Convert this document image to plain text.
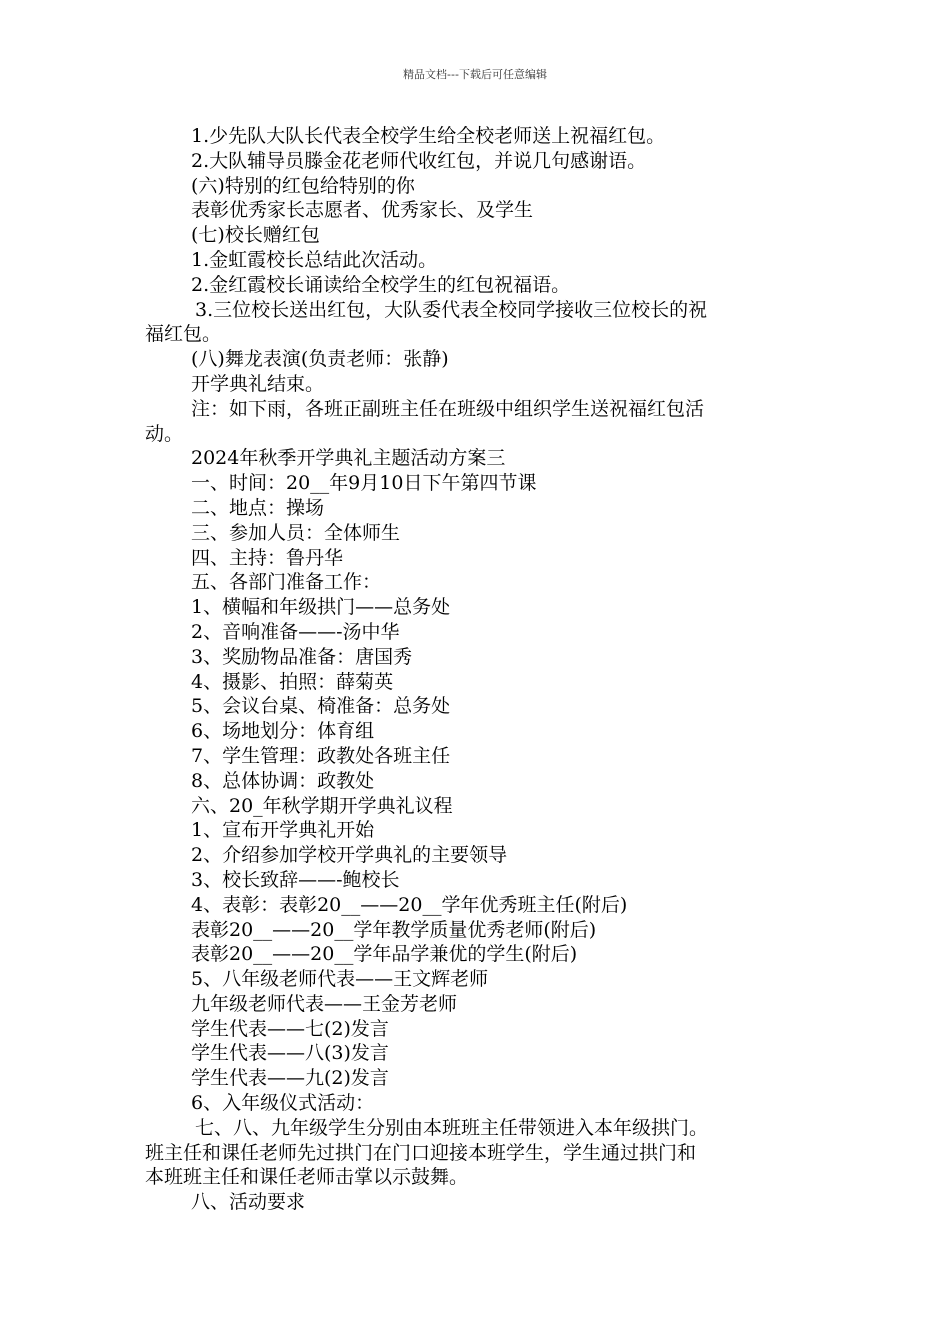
精品文档---下载后可任意编辑
1.少先队大队长代表全校学生给全校老师送上祝福红包。
2.大队辅导员滕金花老师代收红包，并说几句感谢语。
(六)特别的红包给特别的你
表彰优秀家长志愿者、优秀家长、及学生
(七)校长赠红包
1.金虹霞校长总结此次活动。
2.金红霞校长诵读给全校学生的红包祝福语。
3.三位校长送出红包，大队委代表全校同学接收三位校长的祝
福红包。
(八)舞龙表演(负责老师：张静)
开学典礼结束。
注：如下雨，各班正副班主任在班级中组织学生送祝福红包活
动。
2024年秋季开学典礼主题活动方案三
一、时间：20__年9月10日下午第四节课
二、地点：操场
三、参加人员：全体师生
四、主持：鲁丹华
五、各部门准备工作：
1、横幅和年级拱门——总务处
2、音响准备——-汤中华
3、奖励物品准备：唐国秀
4、摄影、拍照：薛菊英
5、会议台桌、椅准备：总务处
6、场地划分：体育组
7、学生管理：政教处各班主任
8、总体协调：政教处
六、20_年秋学期开学典礼议程
1、宣布开学典礼开始
2、介绍参加学校开学典礼的主要领导
3、校长致辞——-鲍校长
4、表彰：表彰20__——20__学年优秀班主任(附后)
表彰20__——20__学年教学质量优秀老师(附后)
表彰20__——20__学年品学兼优的学生(附后)
5、八年级老师代表——王文辉老师
九年级老师代表——王金芳老师
学生代表——七(2)发言
学生代表——八(3)发言
学生代表——九(2)发言
6、入年级仪式活动：
七、八、九年级学生分别由本班班主任带领进入本年级拱门。
班主任和课任老师先过拱门在门口迎接本班学生，学生通过拱门和
本班班主任和课任老师击掌以示鼓舞。
八、活动要求
